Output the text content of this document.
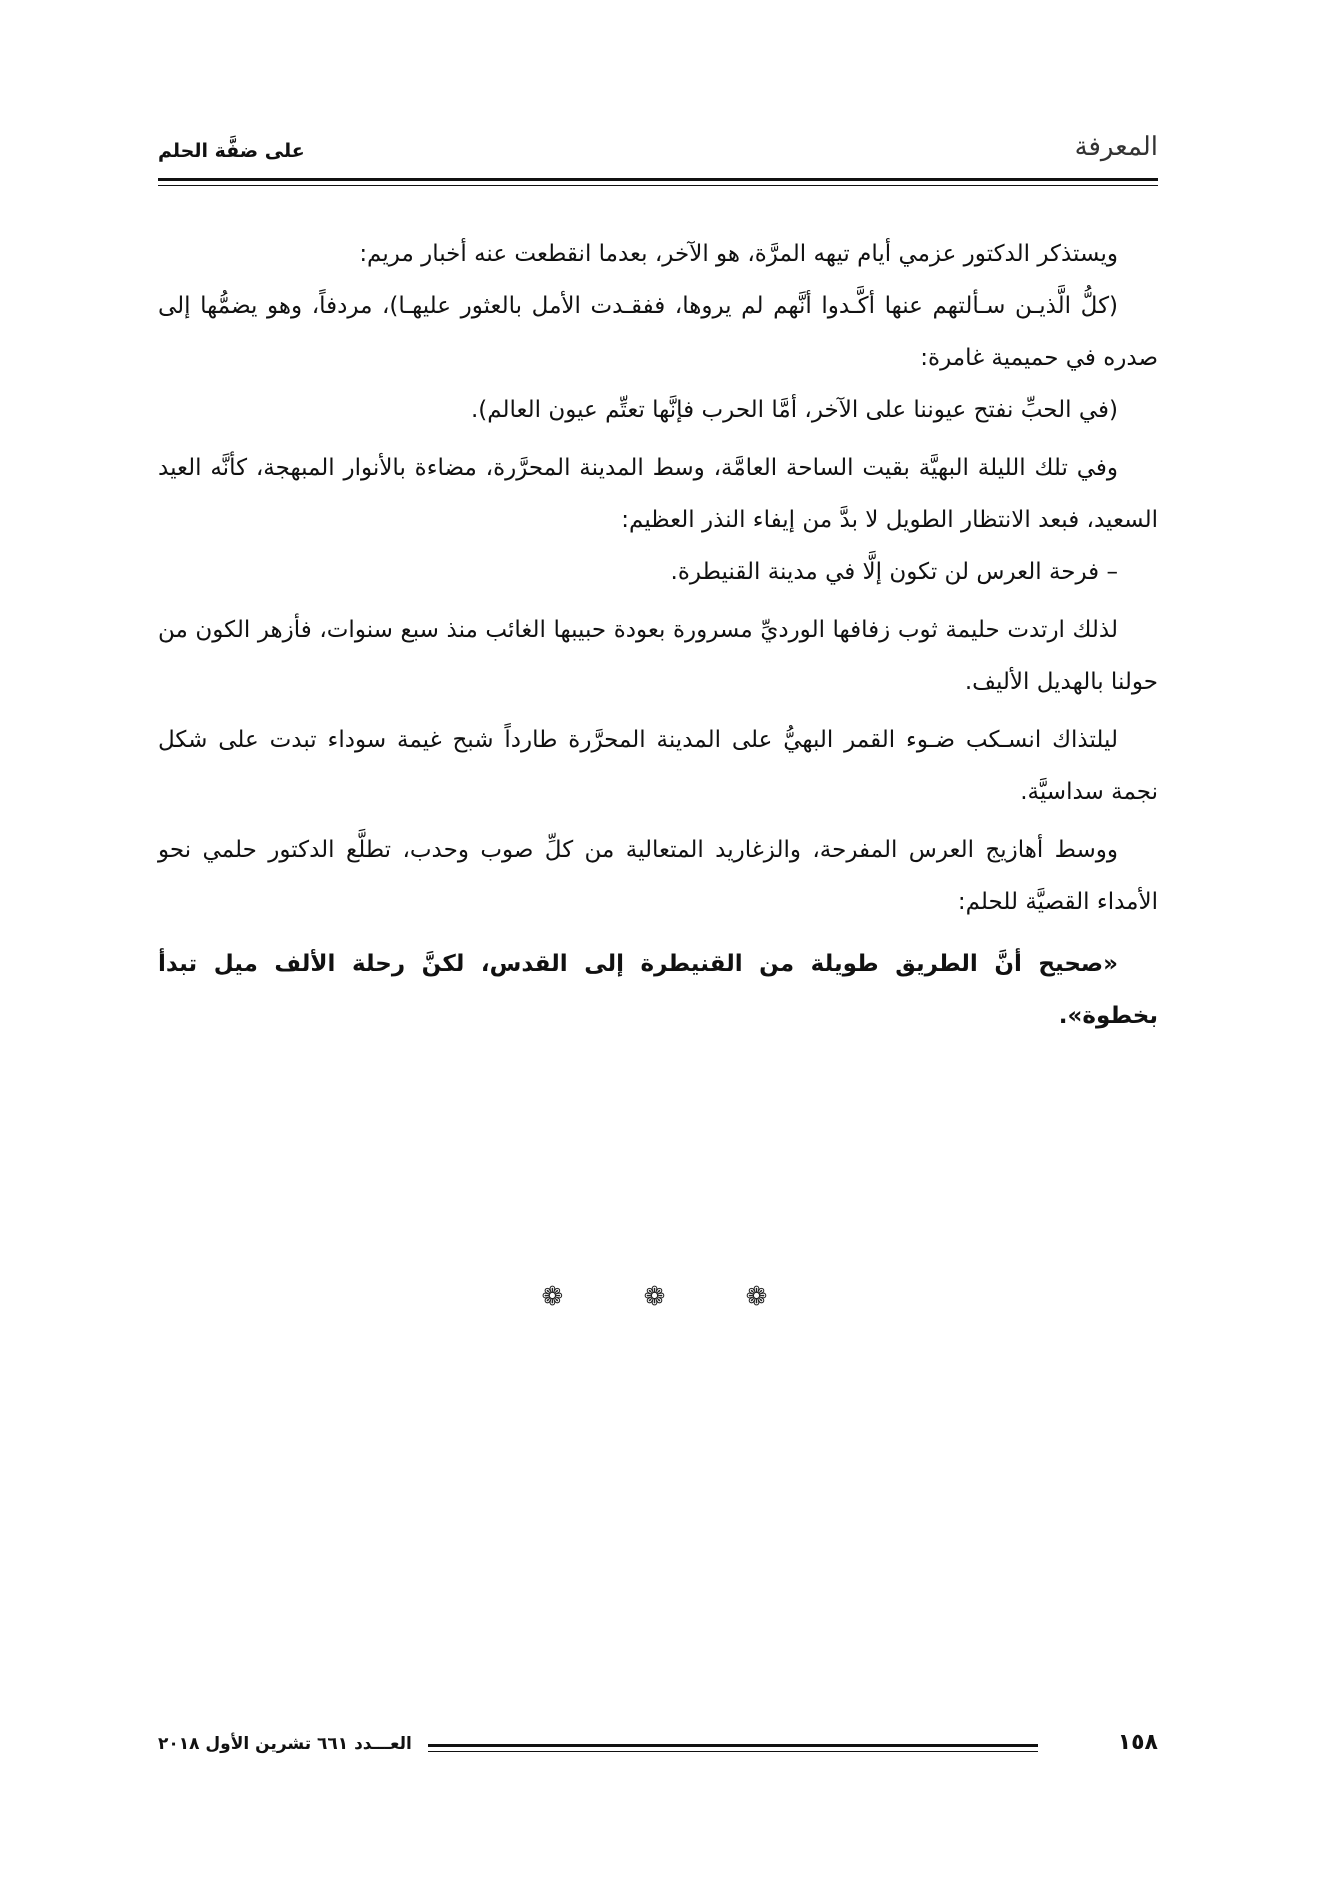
المعرفة
على ضفَّة الحلم

ويستذكر الدكتور عزمي أيام تيهه المرَّة، هو الآخر، بعدما انقطعت عنه أخبار مريم:

(كلُّ الَّذيـن سـألتهم عنها أكَّـدوا أنَّهم لم يروها، ففقـدت الأمل بالعثور عليهـا)، مردفاً، وهو يضمُّها إلى صدره في حميمية غامرة:

(في الحبِّ نفتح عيوننا على الآخر، أمَّا الحرب فإنَّها تعتِّم عيون العالم).

وفي تلك الليلة البهيَّة بقيت الساحة العامَّة، وسط المدينة المحرَّرة، مضاءة بالأنوار المبهجة، كأنَّه العيد السعيد، فبعد الانتظار الطويل لا بدَّ من إيفاء النذر العظيم:

– فرحة العرس لن تكون إلَّا في مدينة القنيطرة.

لذلك ارتدت حليمة ثوب زفافها الورديِّ مسرورة بعودة حبيبها الغائب منذ سبع سنوات، فأزهر الكون من حولنا بالهديل الأليف.

ليلتذاك انسـكب ضـوء القمر البهيُّ على المدينة المحرَّرة طارداً شبح غيمة سوداء تبدت على شكل نجمة سداسيَّة.

ووسط أهازيج العرس المفرحة، والزغاريد المتعالية من كلِّ صوب وحدب، تطلَّع الدكتور حلمي نحو الأمداء القصيَّة للحلم:

«صحيح أنَّ الطريق طويلة من القنيطرة إلى القدس، لكنَّ رحلة الألف ميل تبدأ بخطوة».

❁ ❁ ❁
١٥٨
العـــدد ٦٦١ تشرين الأول ٢٠١٨
